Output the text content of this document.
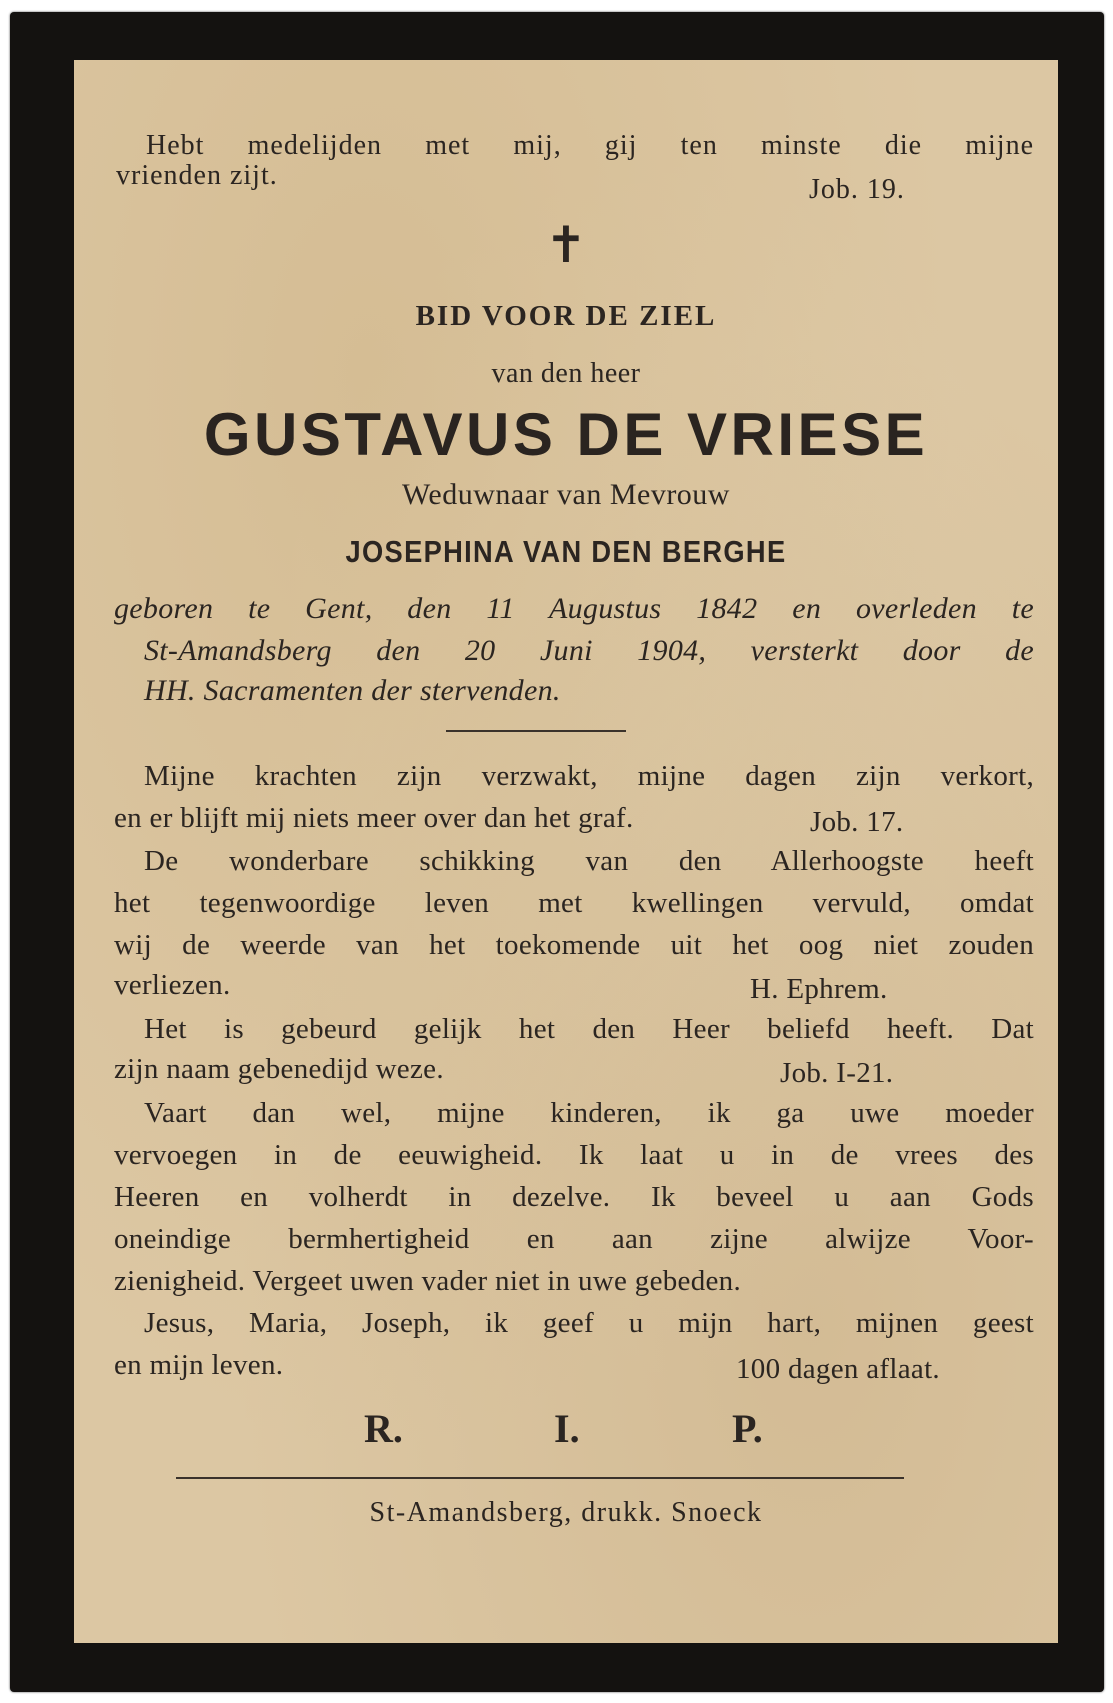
Hebt medelijden met mij, gij ten minste die mijne

vrienden zijt.	Job. 19.

✝
BID VOOR DE ZIEL

van den heer

GUSTAVUS DE VRIESE

Weduwnaar van Mevrouw

JOSEPHINA VAN DEN BERGHE

geboren te Gent, den 11 Augustus 1842 en overleden te

St-Amandsberg den 20 Juni 1904, versterkt door de

HH. Sacramenten der stervenden.

Mijne krachten zijn verzwakt, mijne dagen zijn verkort,

en er blijft mij niets meer over dan het graf.	Job. 17.

De wonderbare schikking van den Allerhoogste heeft

het tegenwoordige leven met kwellingen vervuld, omdat

wij de weerde van het toekomende uit het oog niet zouden

verliezen.	H. Ephrem.

Het is gebeurd gelijk het den Heer beliefd heeft. Dat

zijn naam gebenedijd weze.	Job. I-21.

Vaart dan wel, mijne kinderen, ik ga uwe moeder

vervoegen in de eeuwigheid. Ik laat u in de vrees des

Heeren en volherdt in dezelve. Ik beveel u aan Gods

oneindige bermhertigheid en aan zijne alwijze Voor-

zienigheid. Vergeet uwen vader niet in uwe gebeden.

Jesus, Maria, Joseph, ik geef u mijn hart, mijnen geest

en mijn leven.	100 dagen aflaat.

R.	I.	P.

St-Amandsberg, drukk. Snoeck
